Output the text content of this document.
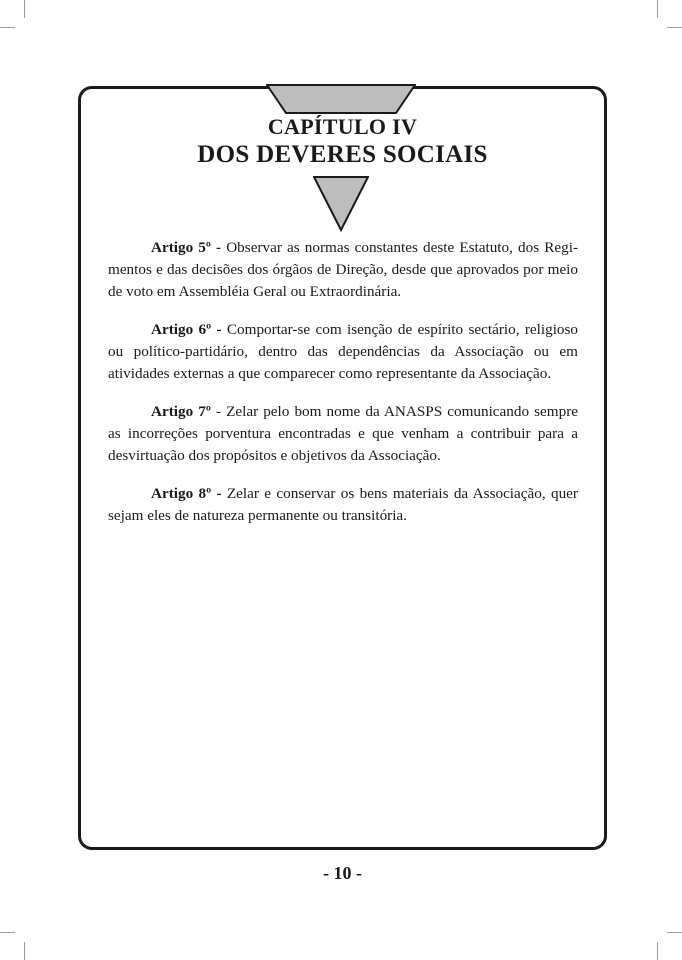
CAPÍTULO IV
DOS DEVERES SOCIAIS

Artigo 5º - Observar as normas constantes deste Estatuto, dos Regimentos e das decisões dos órgãos de Direção, desde que aprovados por meio de voto em Assembléia Geral ou Extraordinária.

Artigo 6º - Comportar-se com isenção de espírito sectário, religioso ou político-partidário, dentro das dependências da Associação ou em atividades externas a que comparecer como representante da Associação.

Artigo 7º - Zelar pelo bom nome da ANASPS comunicando sempre as incorreções porventura encontradas e que venham a contribuir para a desvirtuação dos propósitos e objetivos da Associação.

Artigo 8º - Zelar e conservar os bens materiais da Associação, quer sejam eles de natureza permanente ou transitória.

- 10 -
